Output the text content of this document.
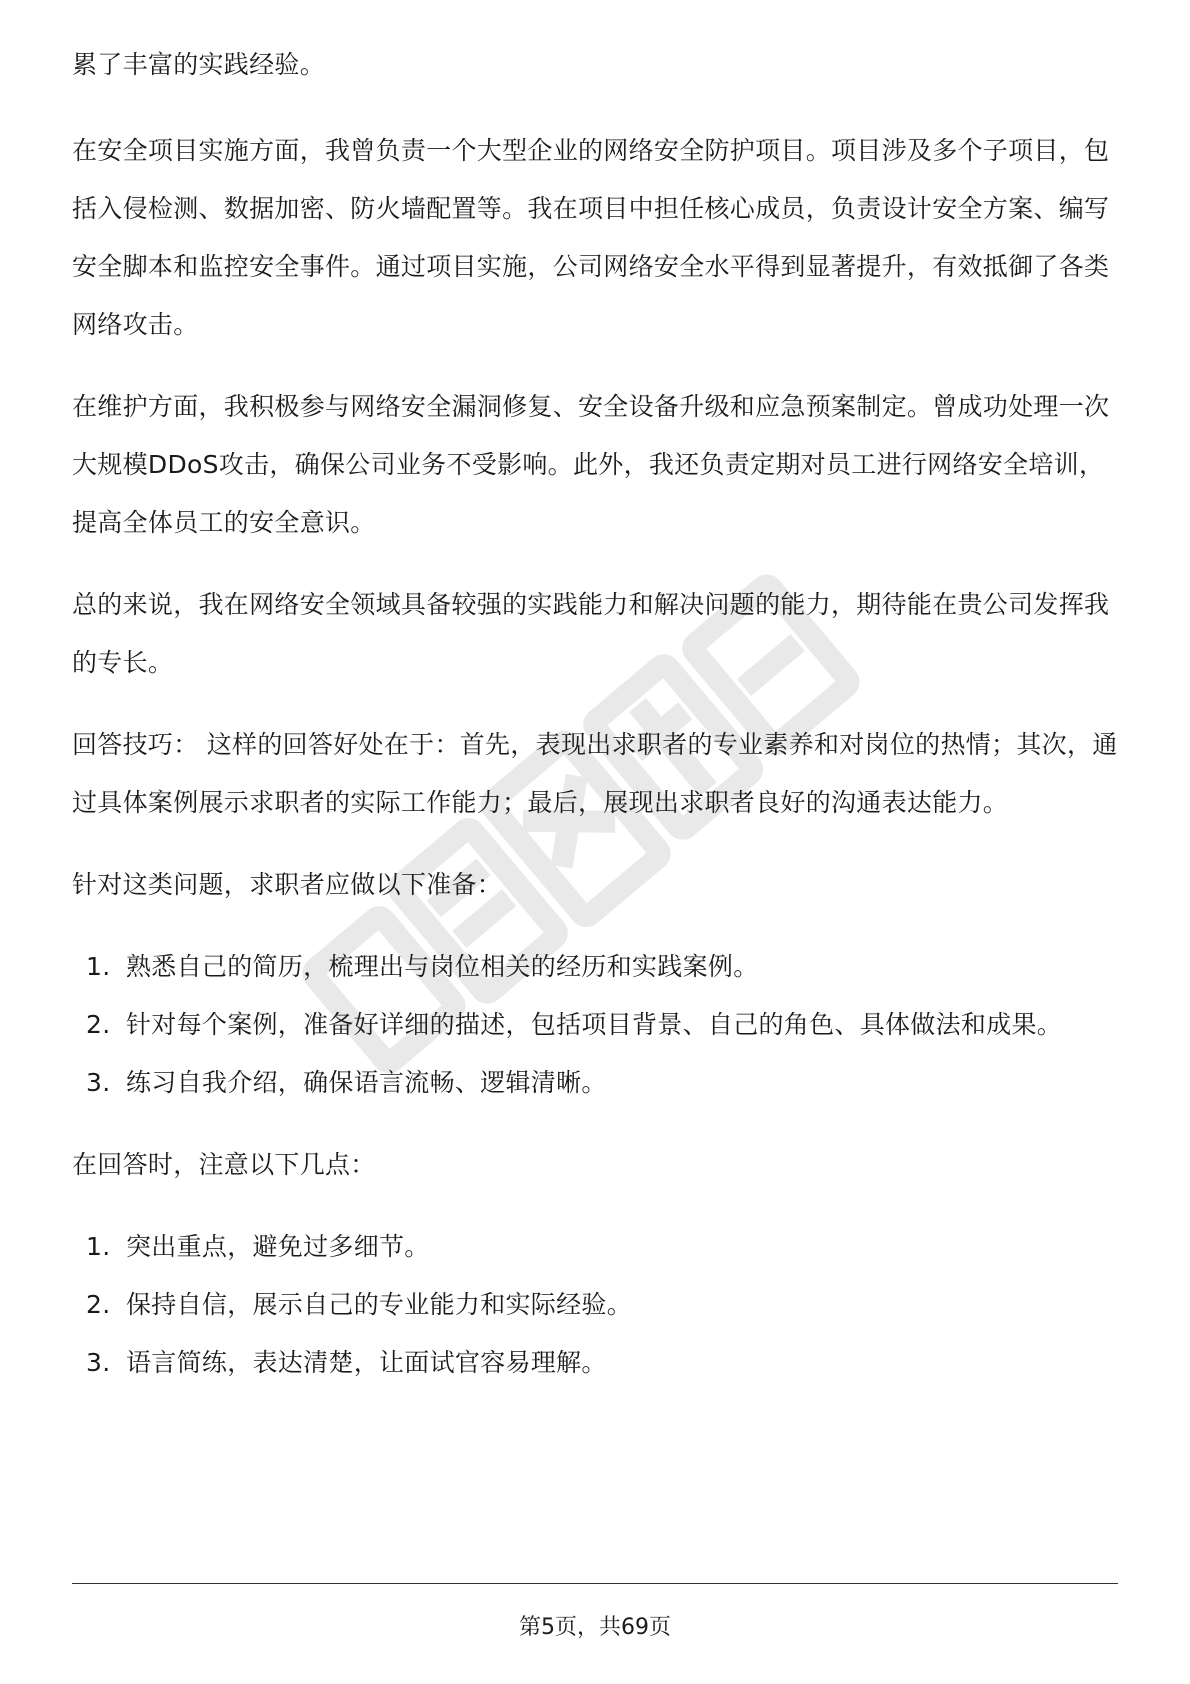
累了丰富的实践经验。

在安全项目实施方面，我曾负责一个大型企业的网络安全防护项目。项目涉及多个子项目，包括入侵检测、数据加密、防火墙配置等。我在项目中担任核心成员，负责设计安全方案、编写安全脚本和监控安全事件。通过项目实施，公司网络安全水平得到显著提升，有效抵御了各类网络攻击。

在维护方面，我积极参与网络安全漏洞修复、安全设备升级和应急预案制定。曾成功处理一次大规模DDoS攻击，确保公司业务不受影响。此外，我还负责定期对员工进行网络安全培训，提高全体员工的安全意识。

总的来说，我在网络安全领域具备较强的实践能力和解决问题的能力，期待能在贵公司发挥我的专长。

回答技巧： 这样的回答好处在于：首先，表现出求职者的专业素养和对岗位的热情；其次，通过具体案例展示求职者的实际工作能力；最后，展现出求职者良好的沟通表达能力。

针对这类问题，求职者应做以下准备：

1. 熟悉自己的简历，梳理出与岗位相关的经历和实践案例。
2. 针对每个案例，准备好详细的描述，包括项目背景、自己的角色、具体做法和成果。
3. 练习自我介绍，确保语言流畅、逻辑清晰。

在回答时，注意以下几点：

1. 突出重点，避免过多细节。
2. 保持自信，展示自己的专业能力和实际经验。
3. 语言简练，表达清楚，让面试官容易理解。
第5页，共69页
